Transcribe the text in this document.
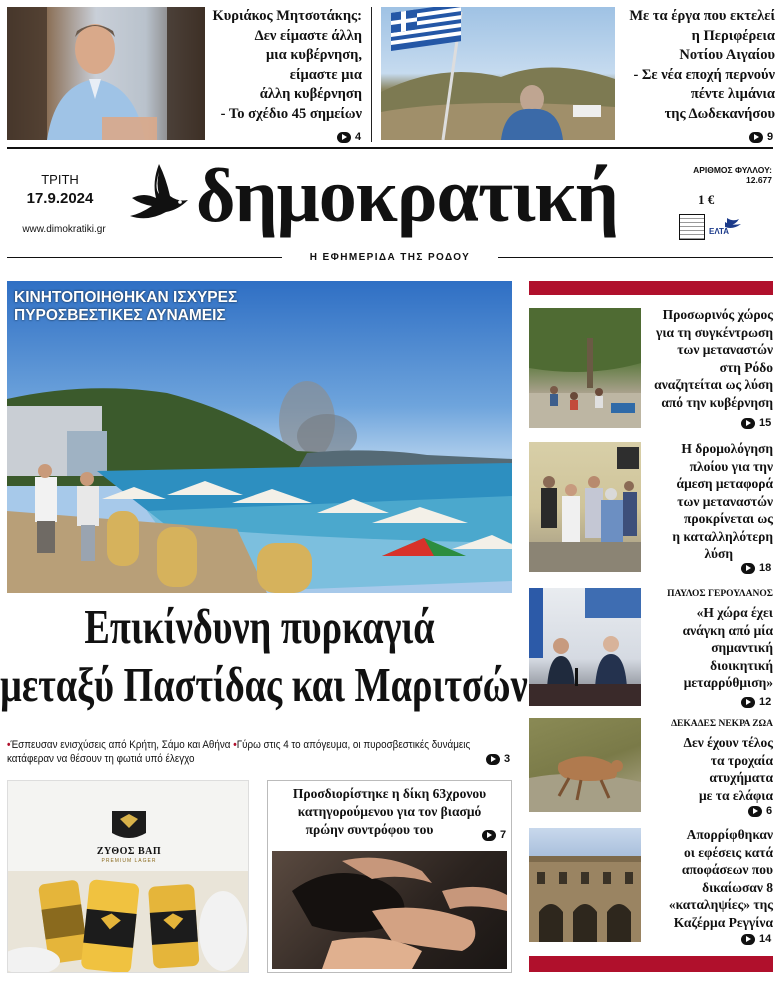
Κυριάκος Μητσοτάκης:
Δεν είμαστε άλλη
μια κυβέρνηση,
είμαστε μια
άλλη κυβέρνηση
- Το σχέδιο 45 σημείων
4
Με τα έργα που εκτελεί
η Περιφέρεια
Νοτίου Αιγαίου
- Σε νέα εποχή περνούν
πέντε λιμάνια
της Δωδεκανήσου
9
ΤΡΙΤΗ
17.9.2024
www.dimokratiki.gr δημοκρατική	ΑΡΙΘΜΟΣ ΦΥΛΛΟΥ: 12.677
1 €
ΕΛΤΑ
Η ΕΦΗΜΕΡΙΔΑ ΤΗΣ ΡΟΔΟΥ
ΚΙΝΗΤΟΠΟΙΗΘΗΚΑΝ ΙΣΧΥΡΕΣ
ΠΥΡΟΣΒΕΣΤΙΚΕΣ ΔΥΝΑΜΕΙΣ
Επικίνδυνη πυρκαγιά
μεταξύ Παστίδας και Μαριτσών
•Έσπευσαν ενισχύσεις από Κρήτη, Σάμο και Αθήνα •Γύρω στις 4 το απόγευμα, οι πυροσβεστικές δυνάμεις κατάφεραν να θέσουν τη φωτιά υπό έλεγχο	3
ΖΥΘΟΣ ΒΑΠ
PREMIUM LAGER
Προσδιορίστηκε η δίκη 63χρονου
κατηγορούμενου για τον βιασμό
πρώην συντρόφου του	7
Προσωρινός χώρος
για τη συγκέντρωση
των μεταναστών
στη Ρόδο
αναζητείται ως λύση
από την κυβέρνηση
15
Η δρομολόγηση
πλοίου για την
άμεση μεταφορά
των μεταναστών
προκρίνεται ως
η καταλληλότερη
λύση
18
ΠΑΥΛΟΣ ΓΕΡΟΥΛΑΝΟΣ
«Η χώρα έχει
ανάγκη από μία
σημαντική
διοικητική
μεταρρύθμιση»
12
ΔΕΚΑΔΕΣ ΝΕΚΡΑ ΖΩΑ
Δεν έχουν τέλος
τα τροχαία
ατυχήματα
με τα ελάφια
6
Απορρίφθηκαν
οι εφέσεις κατά
αποφάσεων που
δικαίωσαν 8
«καταληψίες» της
Καζέρμα Ρεγγίνα
14
